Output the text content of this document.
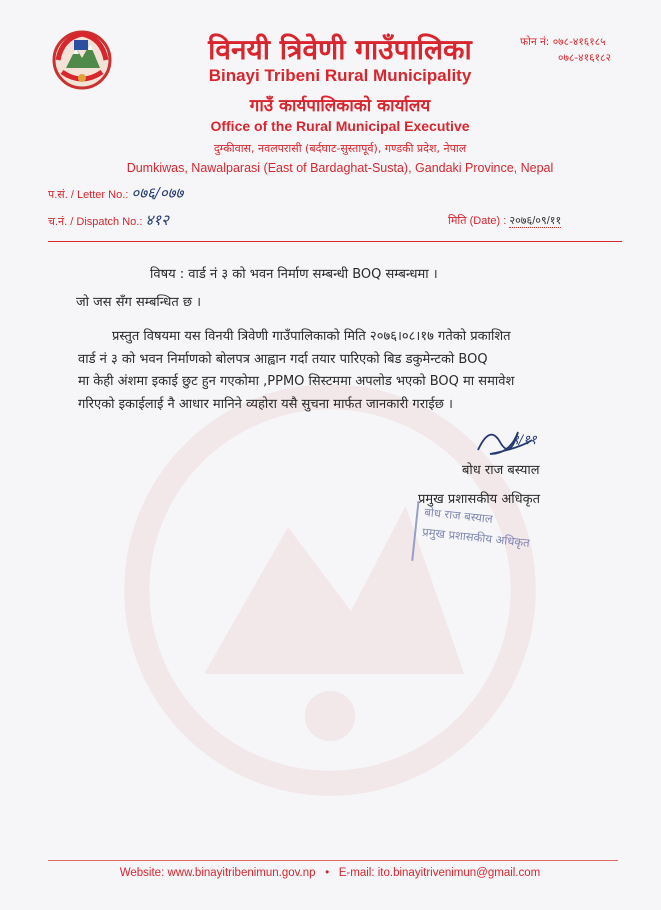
विनयी त्रिवेणी गाउँपालिका
Binayi Tribeni Rural Municipality
गाउँ कार्यपालिकाको कार्यालय
Office of the Rural Municipal Executive
दुम्कीवास, नवलपरासी (बर्दघाट-सुस्तापूर्व), गण्डकी प्रदेश, नेपाल
Dumkiwas, Nawalparasi (East of Bardaghat-Susta), Gandaki Province, Nepal
फोन नं: ०७८-४१६१८५
०७८-४१६१८२
प.सं. / Letter No.: ०७६/०७७
च.नं. / Dispatch No.: ४१२	मिति (Date) : २०७६/०९/११
विषय : वार्ड नं ३ को भवन निर्माण सम्बन्धी BOQ सम्बन्धमा ।
जो जस सँग सम्बन्धित छ ।
प्रस्तुत विषयमा यस विनयी त्रिवेणी गाउँपालिकाको मिति २०७६।०८।१७ गतेको प्रकाशित
वार्ड नं ३ को भवन निर्माणको बोलपत्र आह्वान गर्दा तयार पारिएको बिड डकुमेन्टको BOQ
मा केही अंशमा इकाई छुट हुन गएकोमा ,PPMO सिस्टममा अपलोड भएको BOQ मा समावेश
गरिएको इकाईलाई नै आधार मानिने व्यहोरा यसै सुचना मार्फत जानकारी गराईछ ।
९/११
बोध राज बस्याल
प्रमुख प्रशासकीय अधिकृत
बोध राज बस्याल
प्रमुख प्रशासकीय अधिकृत
Website: www.binayitribenimun.gov.np • E-mail: ito.binayitrivenimun@gmail.com
